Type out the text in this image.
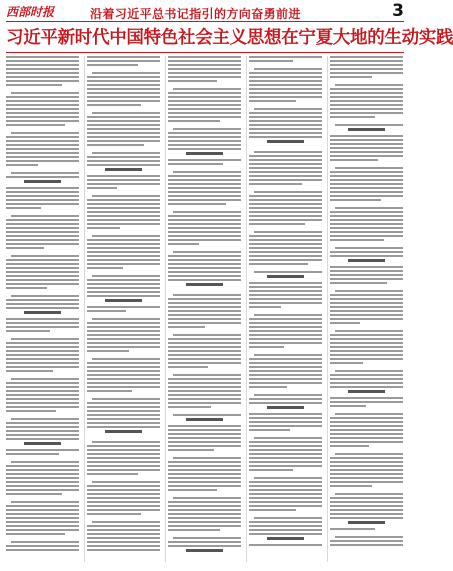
西部时报	沿着习近平总书记指引的方向奋勇前进	3
习近平新时代中国特色社会主义思想在宁夏大地的生动实践
